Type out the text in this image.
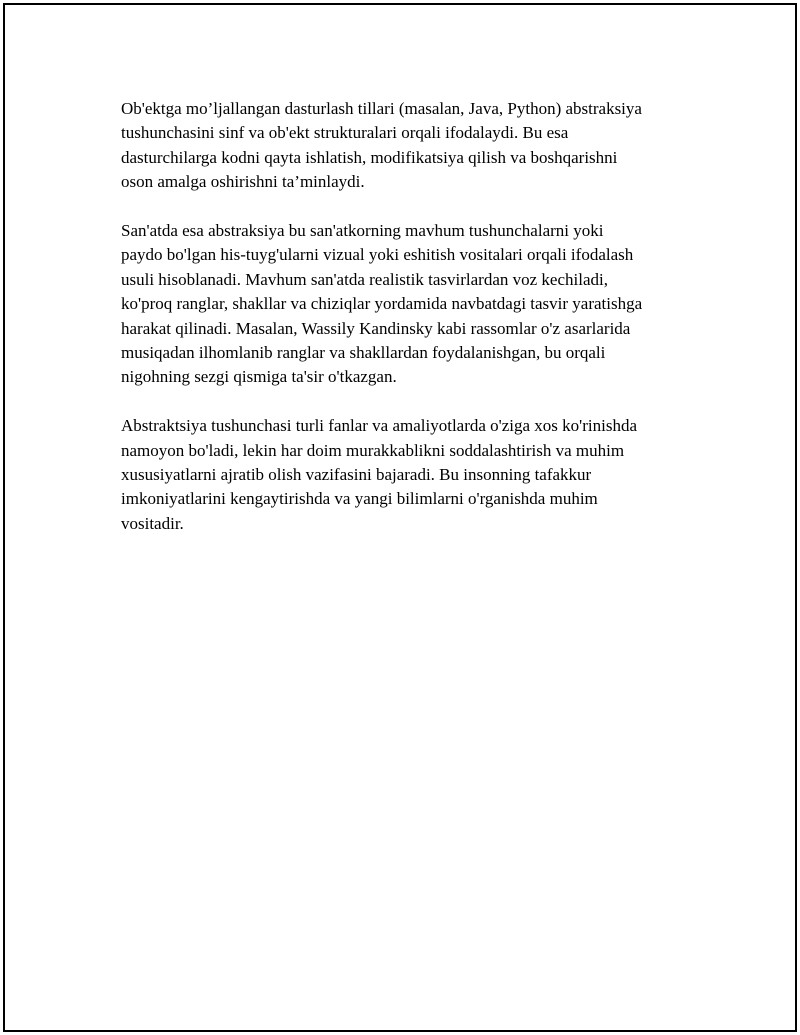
Ob'ektga mo’ljallangan dasturlash tillari (masalan, Java, Python) abstraksiya
tushunchasini sinf va ob'ekt strukturalari orqali ifodalaydi. Bu esa
dasturchilarga kodni qayta ishlatish, modifikatsiya qilish va boshqarishni
oson amalga oshirishni ta’minlaydi.

San'atda esa abstraksiya bu san'atkorning mavhum tushunchalarni yoki
paydo bo'lgan his-tuyg'ularni vizual yoki eshitish vositalari orqali ifodalash
usuli hisoblanadi. Mavhum san'atda realistik tasvirlardan voz kechiladi,
ko'proq ranglar, shakllar va chiziqlar yordamida navbatdagi tasvir yaratishga
harakat qilinadi. Masalan, Wassily Kandinsky kabi rassomlar o'z asarlarida
musiqadan ilhomlanib ranglar va shakllardan foydalanishgan, bu orqali
nigohning sezgi qismiga ta'sir o'tkazgan.

Abstraktsiya tushunchasi turli fanlar va amaliyotlarda o'ziga xos ko'rinishda
namoyon bo'ladi, lekin har doim murakkablikni soddalashtirish va muhim
xususiyatlarni ajratib olish vazifasini bajaradi. Bu insonning tafakkur
imkoniyatlarini kengaytirishda va yangi bilimlarni o'rganishda muhim
vositadir.
